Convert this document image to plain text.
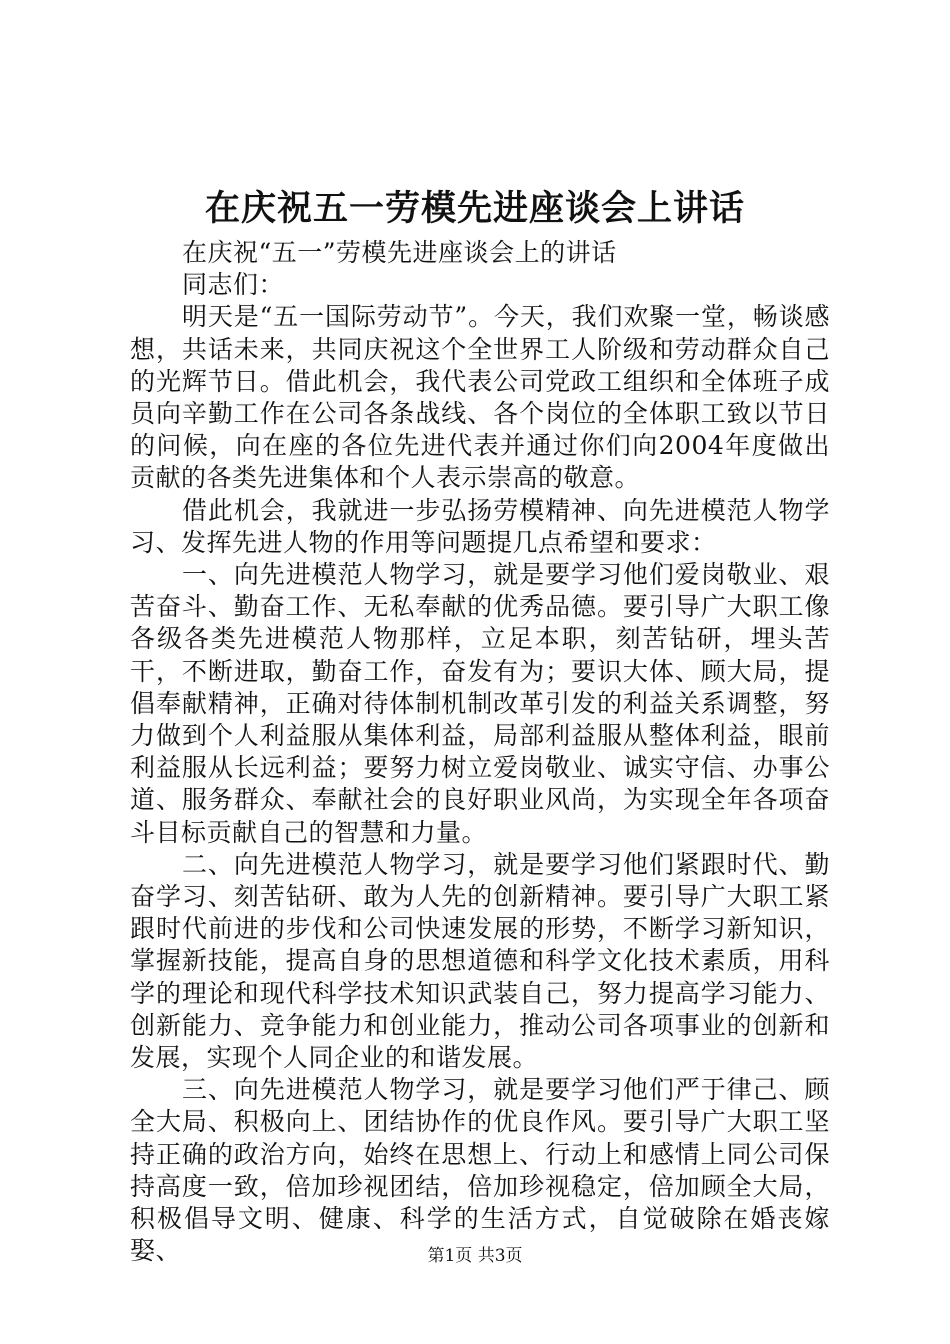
在庆祝五一劳模先进座谈会上讲话

在庆祝“五一”劳模先进座谈会上的讲话

同志们：

明天是“五一国际劳动节”。今天，我们欢聚一堂，畅谈感想，共话未来，共同庆祝这个全世界工人阶级和劳动群众自己的光辉节日。借此机会，我代表公司党政工组织和全体班子成员向辛勤工作在公司各条战线、各个岗位的全体职工致以节日的问候，向在座的各位先进代表并通过你们向2004年度做出贡献的各类先进集体和个人表示崇高的敬意。

借此机会，我就进一步弘扬劳模精神、向先进模范人物学习、发挥先进人物的作用等问题提几点希望和要求：

一、向先进模范人物学习，就是要学习他们爱岗敬业、艰苦奋斗、勤奋工作、无私奉献的优秀品德。要引导广大职工像各级各类先进模范人物那样，立足本职，刻苦钻研，埋头苦干，不断进取，勤奋工作，奋发有为；要识大体、顾大局，提倡奉献精神，正确对待体制机制改革引发的利益关系调整，努力做到个人利益服从集体利益，局部利益服从整体利益，眼前利益服从长远利益；要努力树立爱岗敬业、诚实守信、办事公道、服务群众、奉献社会的良好职业风尚，为实现全年各项奋斗目标贡献自己的智慧和力量。

二、向先进模范人物学习，就是要学习他们紧跟时代、勤奋学习、刻苦钻研、敢为人先的创新精神。要引导广大职工紧跟时代前进的步伐和公司快速发展的形势，不断学习新知识，掌握新技能，提高自身的思想道德和科学文化技术素质，用科学的理论和现代科学技术知识武装自己，努力提高学习能力、创新能力、竞争能力和创业能力，推动公司各项事业的创新和发展，实现个人同企业的和谐发展。

三、向先进模范人物学习，就是要学习他们严于律己、顾全大局、积极向上、团结协作的优良作风。要引导广大职工坚持正确的政治方向，始终在思想上、行动上和感情上同公司保持高度一致，倍加珍视团结，倍加珍视稳定，倍加顾全大局，积极倡导文明、健康、科学的生活方式，自觉破除在婚丧嫁娶、	第1页 共3页
